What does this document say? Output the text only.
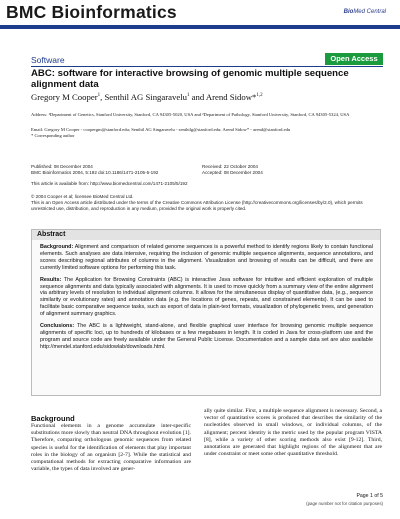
BMC Bioinformatics	BioMed Central
Software	Open Access
ABC: software for interactive browsing of genomic multiple sequence alignment data
Gregory M Cooper$^1$, Senthil AG Singaravelu$^1$ and Arend Sidow*$^{1,2}$
Address: ¹Department of Genetics, Stanford University, Stanford, CA 94305-5020, USA and ²Department of Pathology, Stanford University, Stanford, CA 94305-5324, USA
Email: Gregory M Cooper - coopergm@stanford.edu; Senthil AG Singaravelu - senthilg@stanford.edu; Arend Sidow* - arend@stanford.edu
* Corresponding author
Published: 08 December 2004
BMC Bioinformatics 2004, 5:192 doi:10.1186/1471-2105-5-192
Received: 22 October 2004
Accepted: 08 December 2004
This article is available from: http://www.biomedcentral.com/1471-2105/5/192
© 2004 Cooper et al; licensee BioMed Central Ltd.
This is an Open Access article distributed under the terms of the Creative Commons Attribution License (http://creativecommons.org/licenses/by/2.0), which permits unrestricted use, distribution, and reproduction in any medium, provided the original work is properly cited.
Abstract

Background: Alignment and comparison of related genome sequences is a powerful method to identify regions likely to contain functional elements. Such analyses are data intensive, requiring the inclusion of genomic multiple sequence alignments, sequence annotations, and scores describing regional attributes of columns in the alignment. Visualization and browsing of results can be difficult, and there are currently limited software options for performing this task.

Results: The Application for Browsing Constraints (ABC) is interactive Java software for intuitive and efficient exploration of multiple sequence alignments and data typically associated with alignments. It is used to move quickly from a summary view of the entire alignment via arbitrary levels of resolution to individual alignment columns. It allows for the simultaneous display of quantitative data, (e.g., sequence similarity or evolutionary rates) and annotation data (e.g. the locations of genes, repeats, and constrained elements). It can be used to facilitate basic comparative sequence tasks, such as export of data in plain-text formats, visualization of phylogenetic trees, and generation of alignment summary graphics.

Conclusions: The ABC is a lightweight, stand-alone, and flexible graphical user interface for browsing genomic multiple sequence alignments of specific loci, up to hundreds of kilobases or a few megabases in length. It is coded in Java for cross-platform use and the program and source code are freely available under the General Public License. Documentation and a sample data set are also available http://mendel.stanford.edu/sidowlab/downloads.html.

Background
Functional elements in a genome accumulate inter-specific substitutions more slowly than neutral DNA throughout evolution [1]. Therefore, comparing orthologous genomic sequences from related species is useful for the identification of elements that play important roles in the biology of an organism [2-7]. While the statistical and computational methods for extracting comparative information are variable, the types of data involved are gener-
ally quite similar. First, a multiple sequence alignment is necessary. Second, a vector of quantitative scores is produced that describes the similarity of the nucleotides observed in small windows, or individual columns, of the alignment; percent identity is the metric used by the popular program VISTA [8], while a variety of other scoring methods also exist [9-12]. Third, annotations are generated that highlight regions of the alignment that are under constraint or meet some other quantitative threshold.
Page 1 of 5
(page number not for citation purposes)
